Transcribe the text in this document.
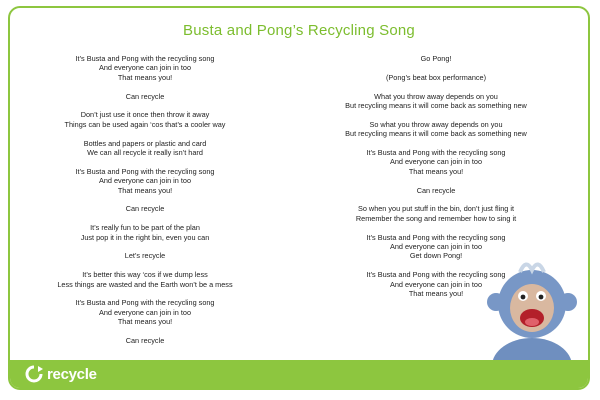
Busta and Pong’s Recycling Song
It’s Busta and Pong with the recycling song
And everyone can join in too
That means you!
Can recycle
Don’t just use it once then throw it away
Things can be used again ‘cos that’s a cooler way
Bottles and papers or plastic and card
We can all recycle it really isn’t hard
It’s Busta and Pong with the recycling song
And everyone can join in too
That means you!
Can recycle
It’s really fun to be part of the plan
Just pop it in the right bin, even you can
Let’s recycle
It’s better this way ‘cos if we dump less
Less things are wasted and the Earth won’t be a mess
It’s Busta and Pong with the recycling song
And everyone can join in too
That means you!
Can recycle
Go Pong!
(Pong’s beat box performance)
What you throw away depends on you
But recycling means it will come back as something new
So what you throw away depends on you
But recycling means it will come back as something new
It’s Busta and Pong with the recycling song
And everyone can join in too
That means you!
Can recycle
So when you put stuff in the bin, don’t just fling it
Remember the song and remember how to sing it
It’s Busta and Pong with the recycling song
And everyone can join in too
Get down Pong!
It’s Busta and Pong with the recycling song
And everyone can join in too
That means you!
recycle
